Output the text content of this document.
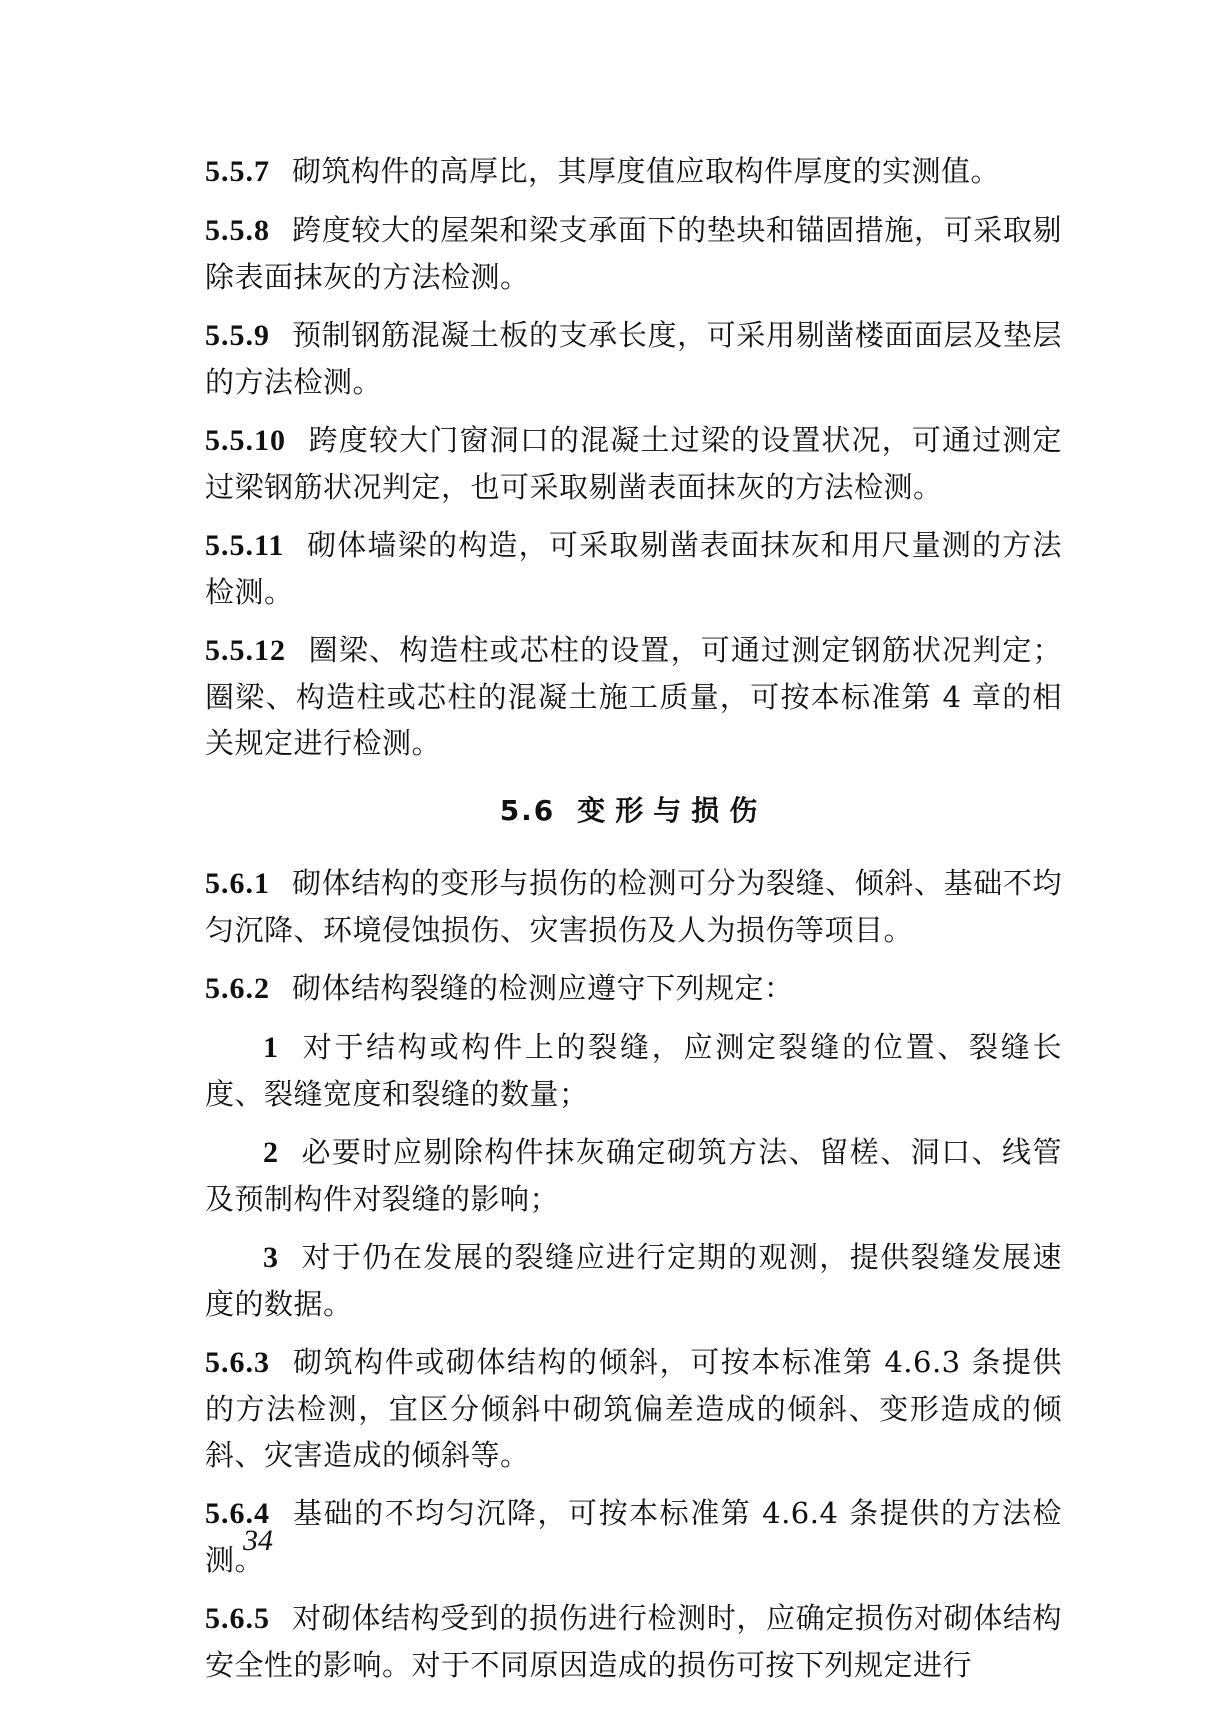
5.5.7 砌筑构件的高厚比，其厚度值应取构件厚度的实测值。

5.5.8 跨度较大的屋架和梁支承面下的垫块和锚固措施，可采取剔除表面抹灰的方法检测。

5.5.9 预制钢筋混凝土板的支承长度，可采用剔凿楼面面层及垫层的方法检测。

5.5.10 跨度较大门窗洞口的混凝土过梁的设置状况，可通过测定过梁钢筋状况判定，也可采取剔凿表面抹灰的方法检测。

5.5.11 砌体墙梁的构造，可采取剔凿表面抹灰和用尺量测的方法检测。

5.5.12 圈梁、构造柱或芯柱的设置，可通过测定钢筋状况判定；圈梁、构造柱或芯柱的混凝土施工质量，可按本标准第 4 章的相关规定进行检测。

5.6 变形与损伤

5.6.1 砌体结构的变形与损伤的检测可分为裂缝、倾斜、基础不均匀沉降、环境侵蚀损伤、灾害损伤及人为损伤等项目。

5.6.2 砌体结构裂缝的检测应遵守下列规定：

1 对于结构或构件上的裂缝，应测定裂缝的位置、裂缝长度、裂缝宽度和裂缝的数量；

2 必要时应剔除构件抹灰确定砌筑方法、留槎、洞口、线管及预制构件对裂缝的影响；

3 对于仍在发展的裂缝应进行定期的观测，提供裂缝发展速度的数据。

5.6.3 砌筑构件或砌体结构的倾斜，可按本标准第 4.6.3 条提供的方法检测，宜区分倾斜中砌筑偏差造成的倾斜、变形造成的倾斜、灾害造成的倾斜等。

5.6.4 基础的不均匀沉降，可按本标准第 4.6.4 条提供的方法检测。

5.6.5 对砌体结构受到的损伤进行检测时，应确定损伤对砌体结构安全性的影响。对于不同原因造成的损伤可按下列规定进行

34
